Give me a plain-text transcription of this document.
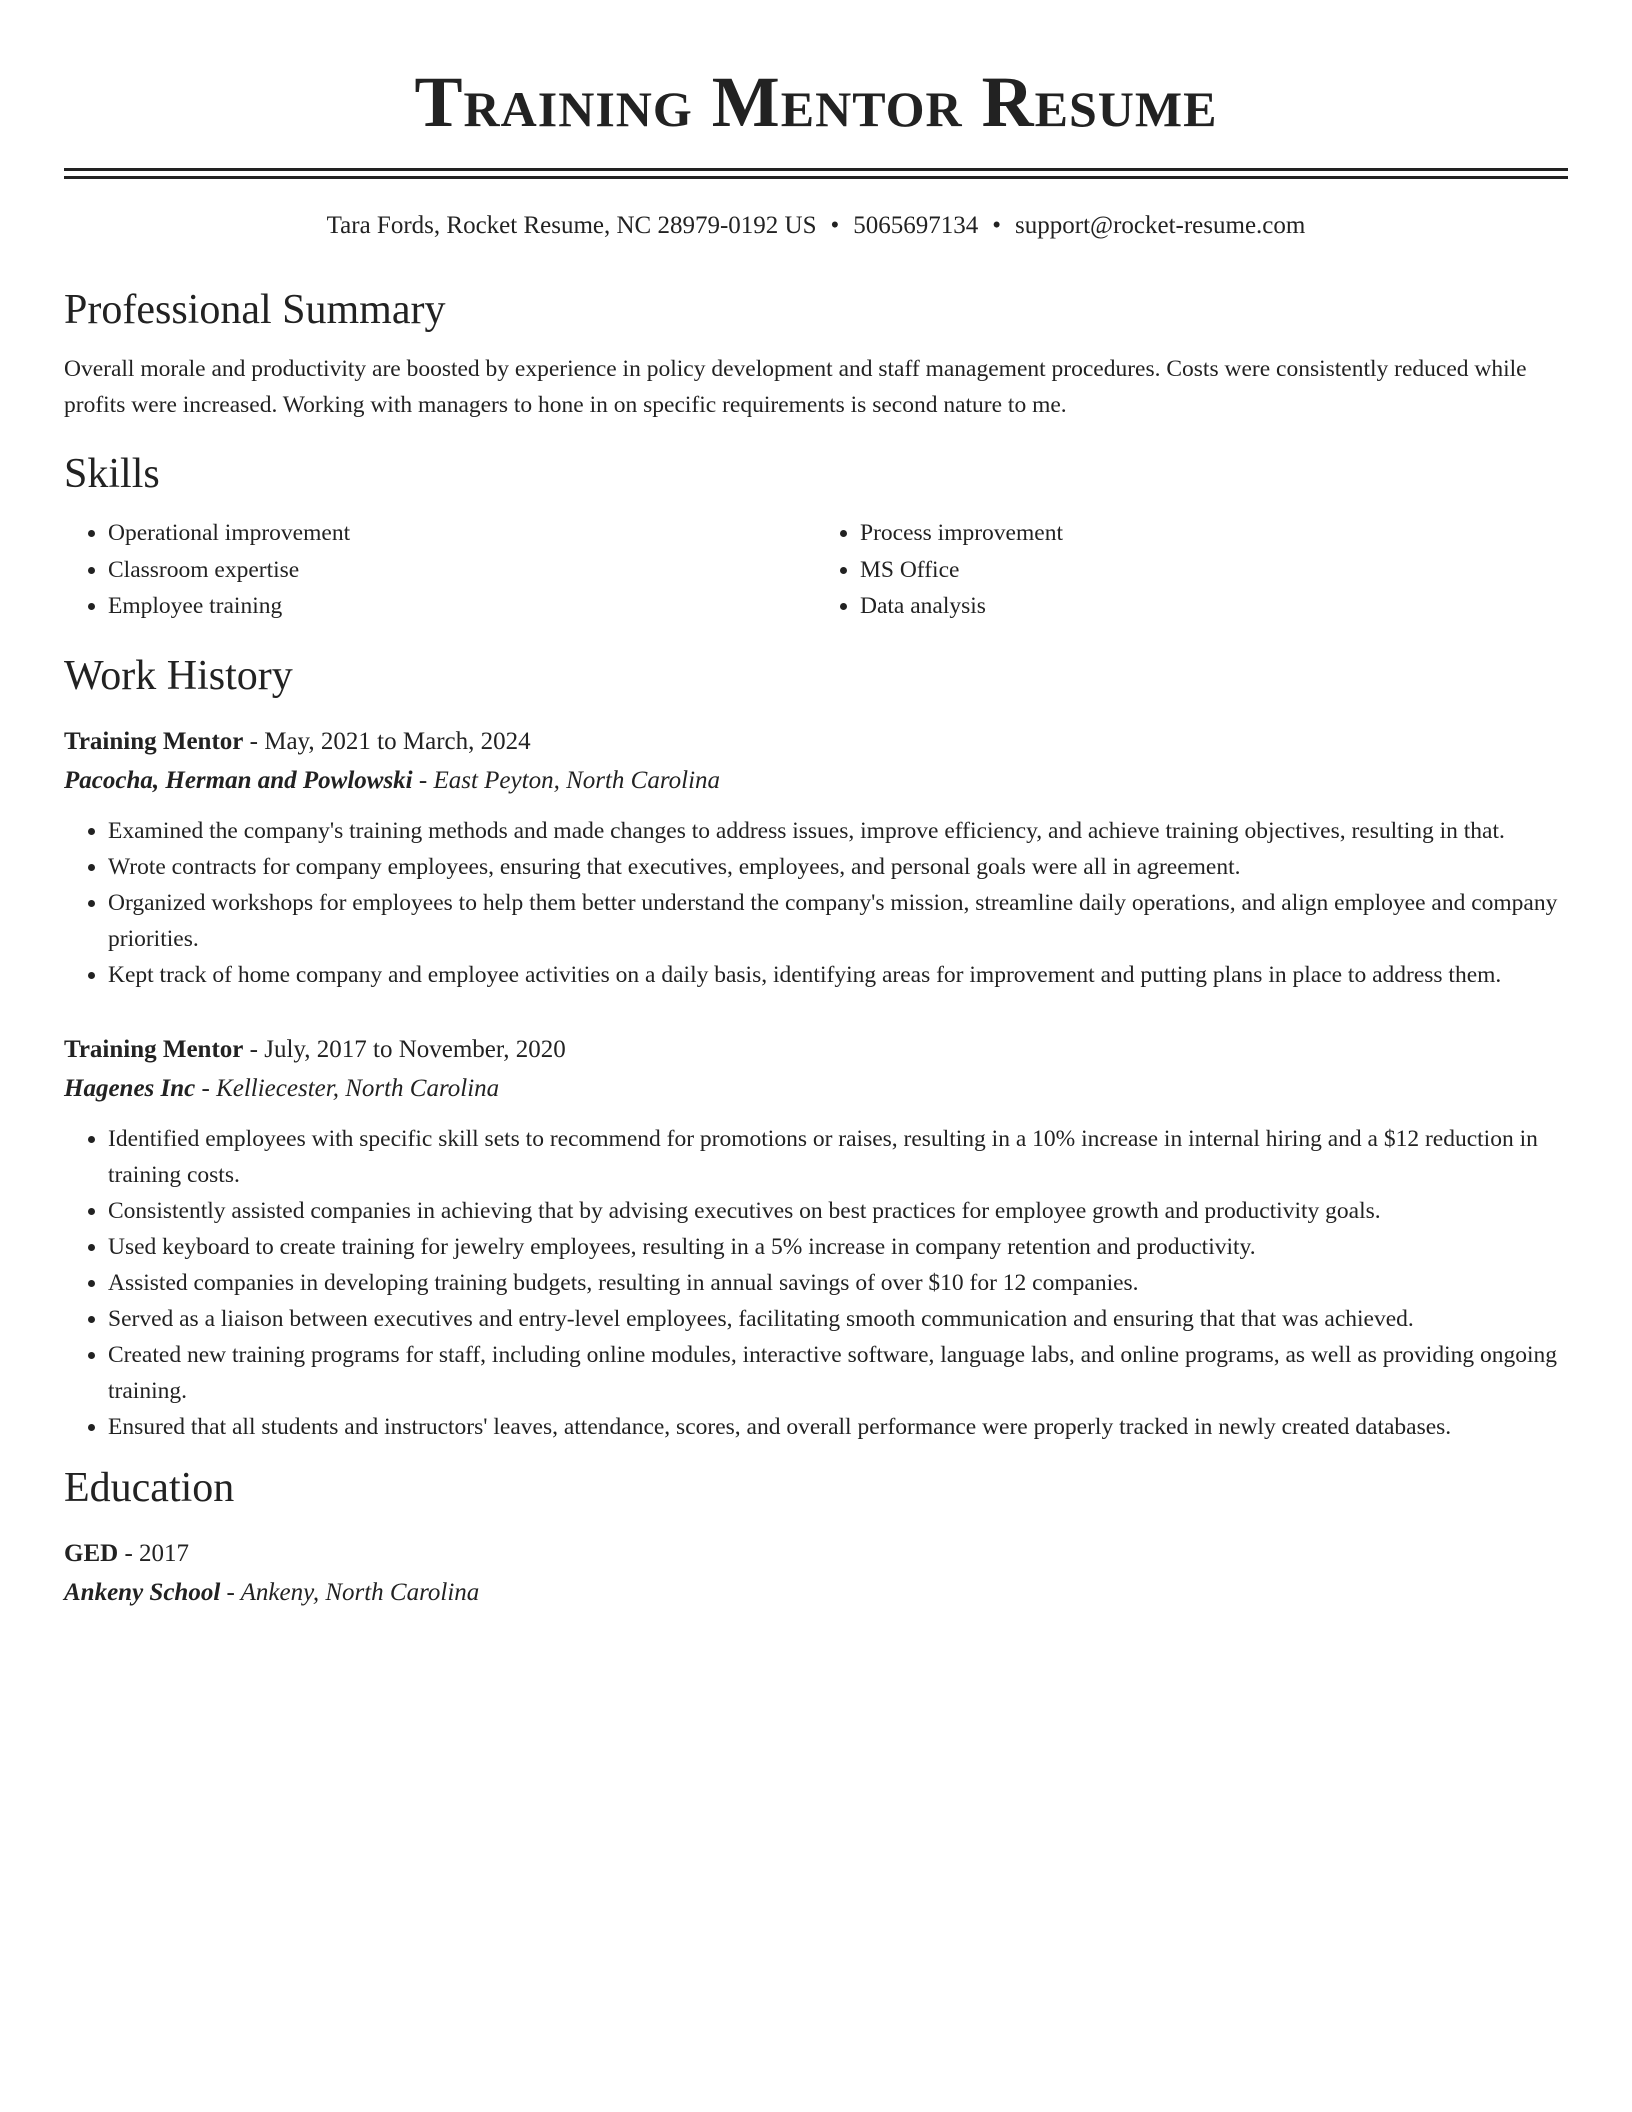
Training Mentor Resume
Tara Fords, Rocket Resume, NC 28979-0192 US • 5065697134 • support@rocket-resume.com
Professional Summary

Overall morale and productivity are boosted by experience in policy development and staff management procedures. Costs were consistently reduced while profits were increased. Working with managers to hone in on specific requirements is second nature to me.

Skills
• Operational improvement
• Classroom expertise
• Employee training
• Process improvement
• MS Office
• Data analysis
Work History
Training Mentor - May, 2021 to March, 2024
Pacocha, Herman and Powlowski - East Peyton, North Carolina
• Examined the company's training methods and made changes to address issues, improve efficiency, and achieve training objectives, resulting in that.
• Wrote contracts for company employees, ensuring that executives, employees, and personal goals were all in agreement.
• Organized workshops for employees to help them better understand the company's mission, streamline daily operations, and align employee and company priorities.
• Kept track of home company and employee activities on a daily basis, identifying areas for improvement and putting plans in place to address them.
Training Mentor - July, 2017 to November, 2020
Hagenes Inc - Kelliecester, North Carolina
• Identified employees with specific skill sets to recommend for promotions or raises, resulting in a 10% increase in internal hiring and a $12 reduction in training costs.
• Consistently assisted companies in achieving that by advising executives on best practices for employee growth and productivity goals.
• Used keyboard to create training for jewelry employees, resulting in a 5% increase in company retention and productivity.
• Assisted companies in developing training budgets, resulting in annual savings of over $10 for 12 companies.
• Served as a liaison between executives and entry-level employees, facilitating smooth communication and ensuring that that was achieved.
• Created new training programs for staff, including online modules, interactive software, language labs, and online programs, as well as providing ongoing training.
• Ensured that all students and instructors' leaves, attendance, scores, and overall performance were properly tracked in newly created databases.
Education
GED - 2017
Ankeny School - Ankeny, North Carolina
